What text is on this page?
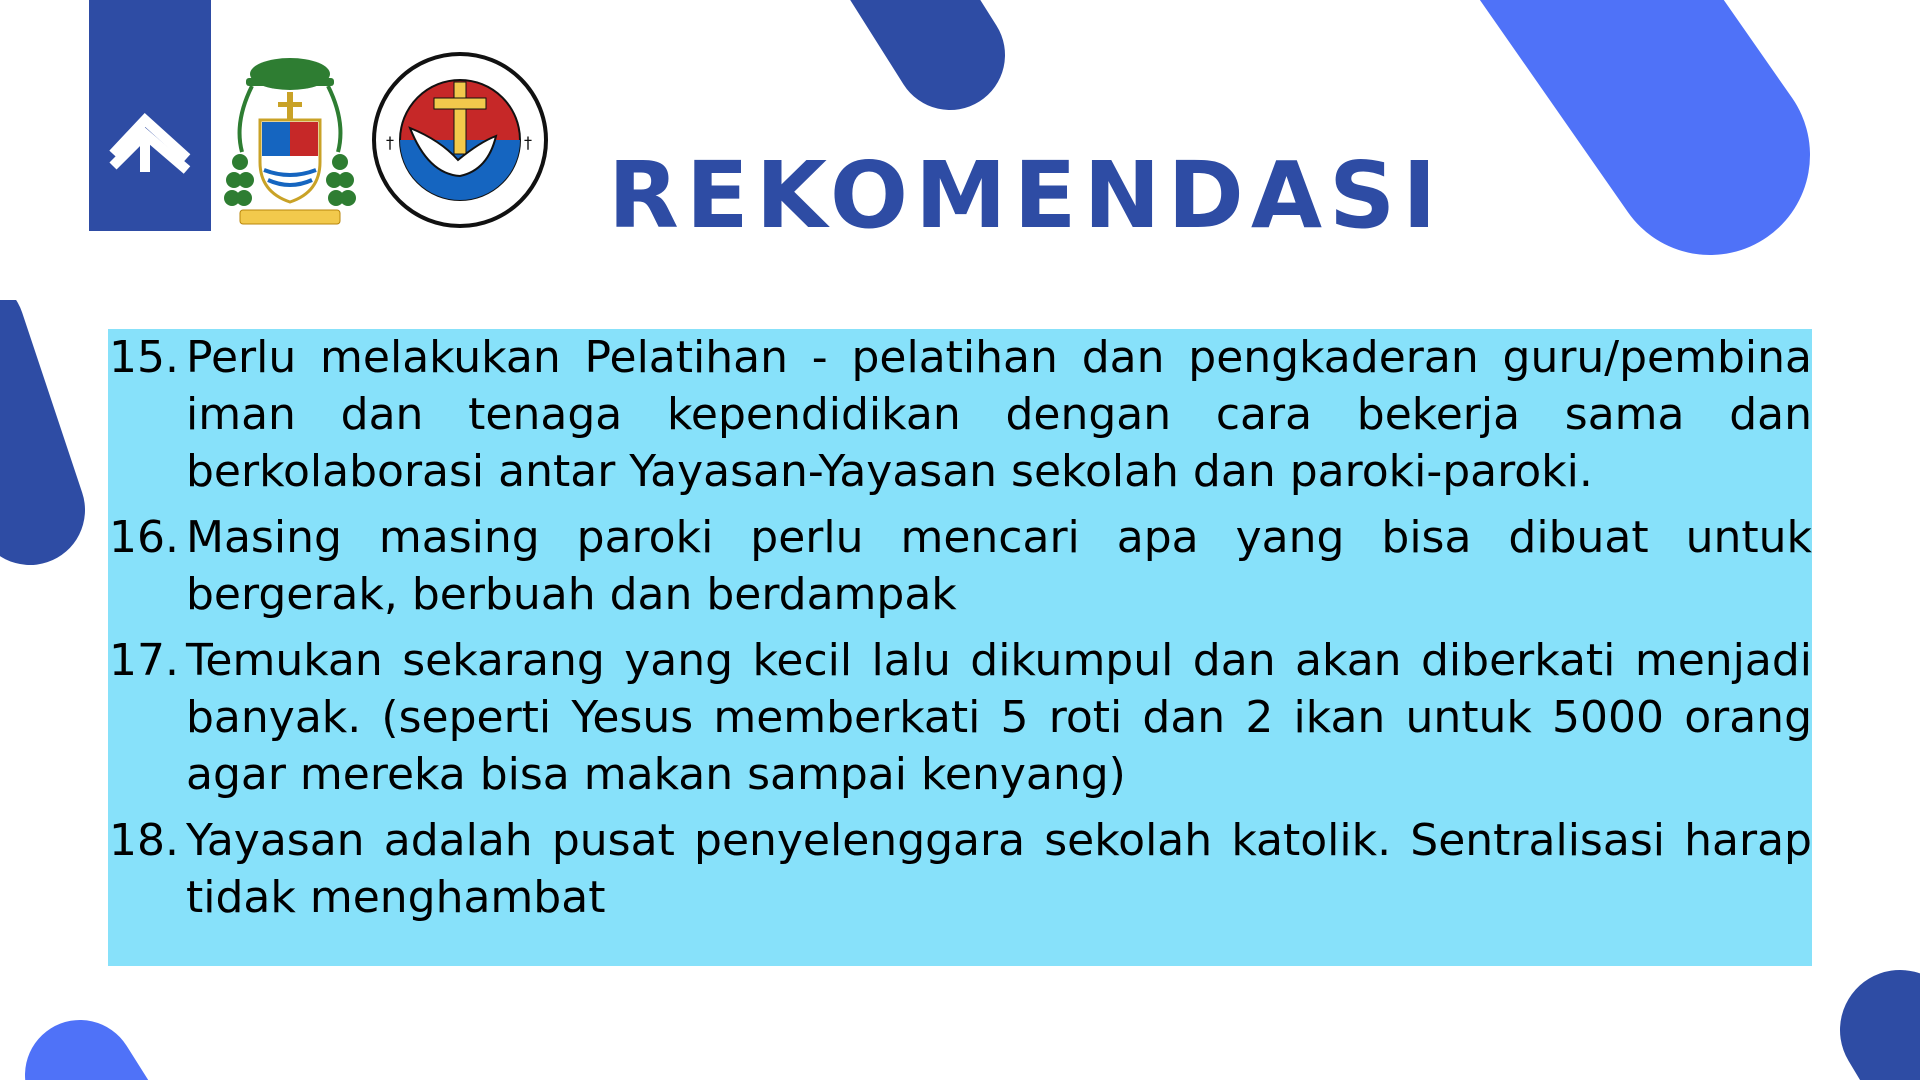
†	† REKOMENDASI
15. Perlu melakukan Pelatihan - pelatihan dan pengkaderan guru/pembina iman dan tenaga kependidikan dengan cara bekerja sama dan berkolaborasi antar Yayasan-Yayasan sekolah dan paroki-paroki.
16. Masing masing paroki perlu mencari apa yang bisa dibuat untuk bergerak, berbuah dan berdampak
17. Temukan sekarang yang kecil lalu dikumpul dan akan diberkati menjadi banyak. (seperti Yesus memberkati 5 roti dan 2 ikan untuk 5000 orang agar mereka bisa makan sampai kenyang)
18. Yayasan adalah pusat penyelenggara sekolah katolik. Sentralisasi harap tidak menghambat
